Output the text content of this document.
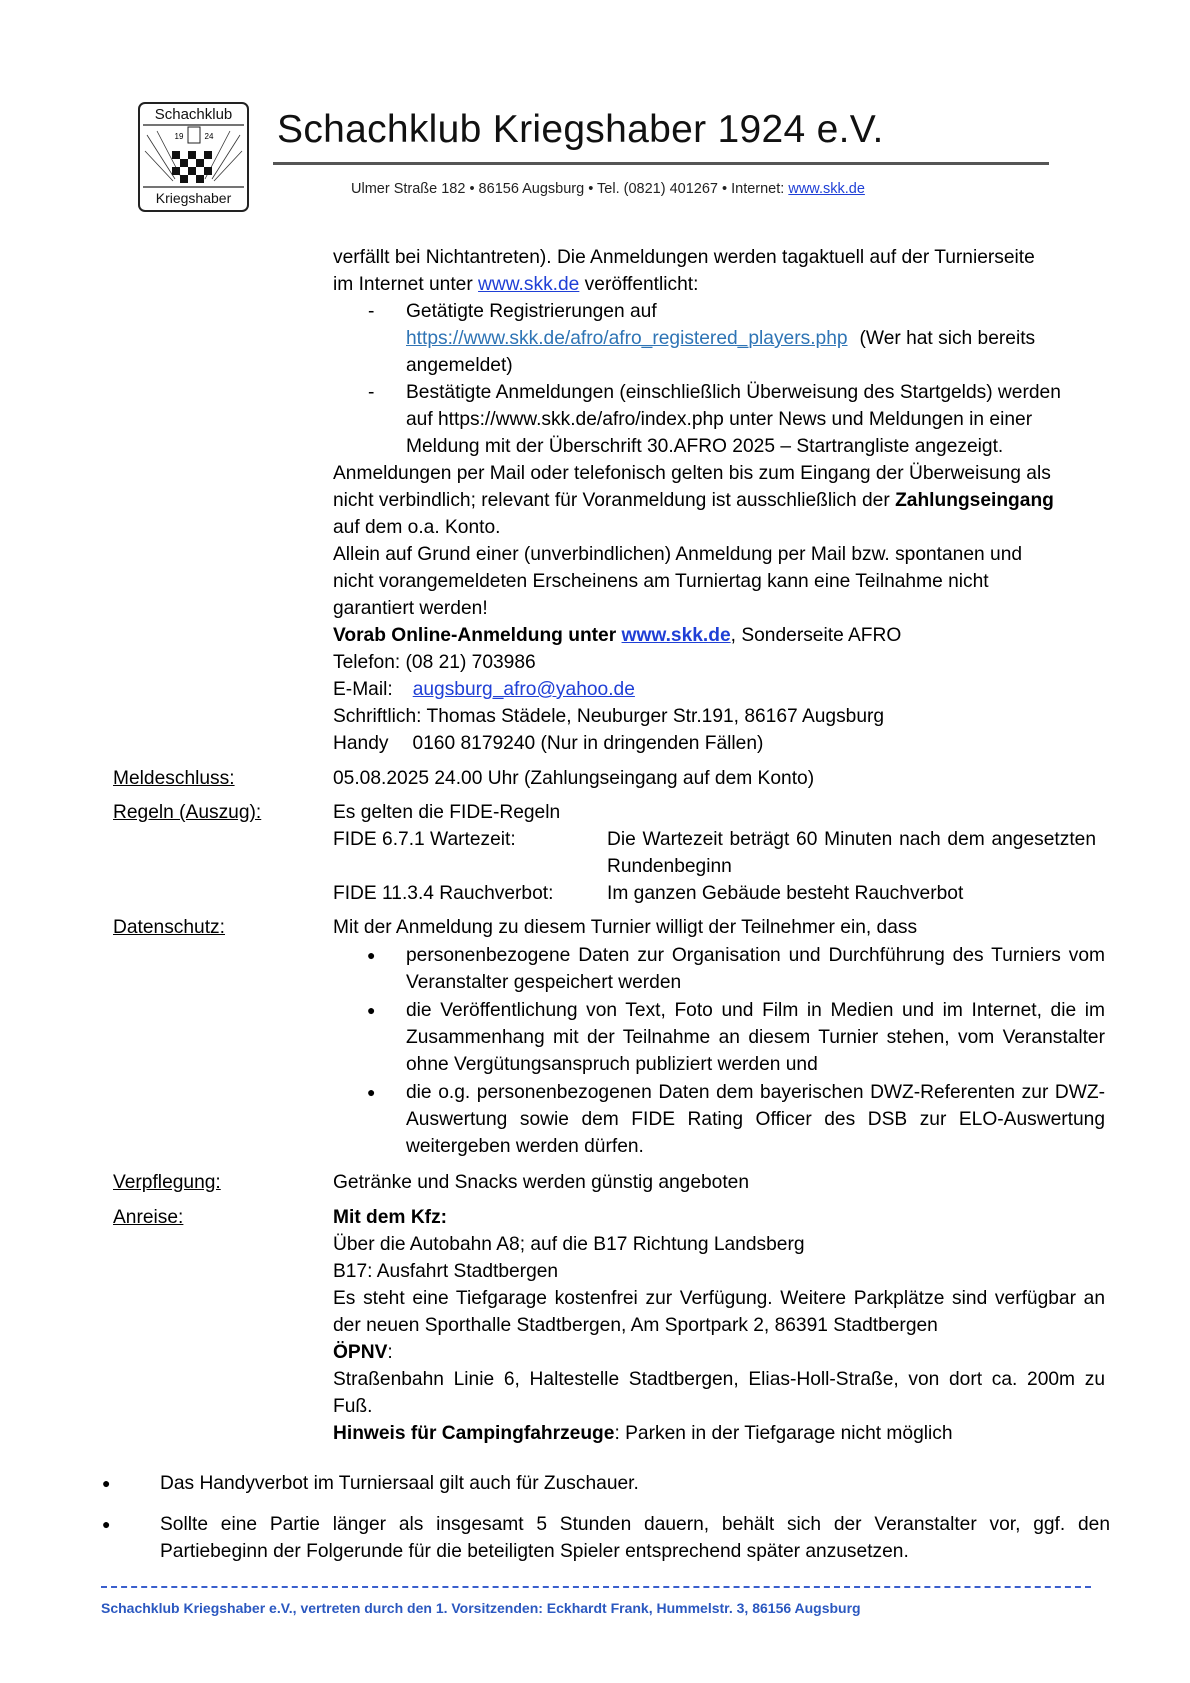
Schachklub
19	24
Kriegshaber
Schachklub Kriegshaber 1924 e.V.
Ulmer Straße 182 • 86156 Augsburg • Tel. (0821) 401267 • Internet: www.skk.de
verfällt bei Nichtantreten). Die Anmeldungen werden tagaktuell auf der Turnierseite
im Internet unter www.skk.de veröffentlicht:
- Getätigte Registrierungen auf
https://www.skk.de/afro/afro_registered_players.php (Wer hat sich bereits
angemeldet)
- Bestätigte Anmeldungen (einschließlich Überweisung des Startgelds) werden
auf https://www.skk.de/afro/index.php unter News und Meldungen in einer
Meldung mit der Überschrift 30.AFRO 2025 – Startrangliste angezeigt.
Anmeldungen per Mail oder telefonisch gelten bis zum Eingang der Überweisung als
nicht verbindlich; relevant für Voranmeldung ist ausschließlich der Zahlungseingang
auf dem o.a. Konto.
Allein auf Grund einer (unverbindlichen) Anmeldung per Mail bzw. spontanen und
nicht vorangemeldeten Erscheinens am Turniertag kann eine Teilnahme nicht
garantiert werden!
Vorab Online-Anmeldung unter www.skk.de, Sonderseite AFRO
Telefon: (08 21) 703986
E-Mail: augsburg_afro@yahoo.de
Schriftlich: Thomas Städele, Neuburger Str.191, 86167 Augsburg
Handy 0160 8179240 (Nur in dringenden Fällen)
Meldeschluss:	05.08.2025 24.00 Uhr (Zahlungseingang auf dem Konto)
Regeln (Auszug):	Es gelten die FIDE-Regeln
FIDE 6.7.1 Wartezeit:	Die Wartezeit beträgt 60 Minuten nach dem angesetzten Rundenbeginn
FIDE 11.3.4 Rauchverbot:	Im ganzen Gebäude besteht Rauchverbot
Datenschutz:	Mit der Anmeldung zu diesem Turnier willigt der Teilnehmer ein, dass
●
personenbezogene Daten zur Organisation und Durchführung des Turniers vom Veranstalter gespeichert werden
●
die Veröffentlichung von Text, Foto und Film in Medien und im Internet, die im Zusammenhang mit der Teilnahme an diesem Turnier stehen, vom Veranstalter ohne Vergütungsanspruch publiziert werden und
●
die o.g. personenbezogenen Daten dem bayerischen DWZ-Referenten zur DWZ-Auswertung sowie dem FIDE Rating Officer des DSB zur ELO-Auswertung weitergeben werden dürfen.
Verpflegung:	Getränke und Snacks werden günstig angeboten
Anreise:	Mit dem Kfz:
Über die Autobahn A8; auf die B17 Richtung Landsberg
B17: Ausfahrt Stadtbergen
Es steht eine Tiefgarage kostenfrei zur Verfügung. Weitere Parkplätze sind verfügbar an der neuen Sporthalle Stadtbergen, Am Sportpark 2, 86391 Stadtbergen
ÖPNV:
Straßenbahn Linie 6, Haltestelle Stadtbergen, Elias-Holl-Straße, von dort ca. 200m zu Fuß.
Hinweis für Campingfahrzeuge: Parken in der Tiefgarage nicht möglich
●
Das Handyverbot im Turniersaal gilt auch für Zuschauer.
●
Sollte eine Partie länger als insgesamt 5 Stunden dauern, behält sich der Veranstalter vor, ggf. den Partiebeginn der Folgerunde für die beteiligten Spieler entsprechend später anzusetzen.
Schachklub Kriegshaber e.V., vertreten durch den 1. Vorsitzenden: Eckhardt Frank, Hummelstr. 3, 86156 Augsburg
